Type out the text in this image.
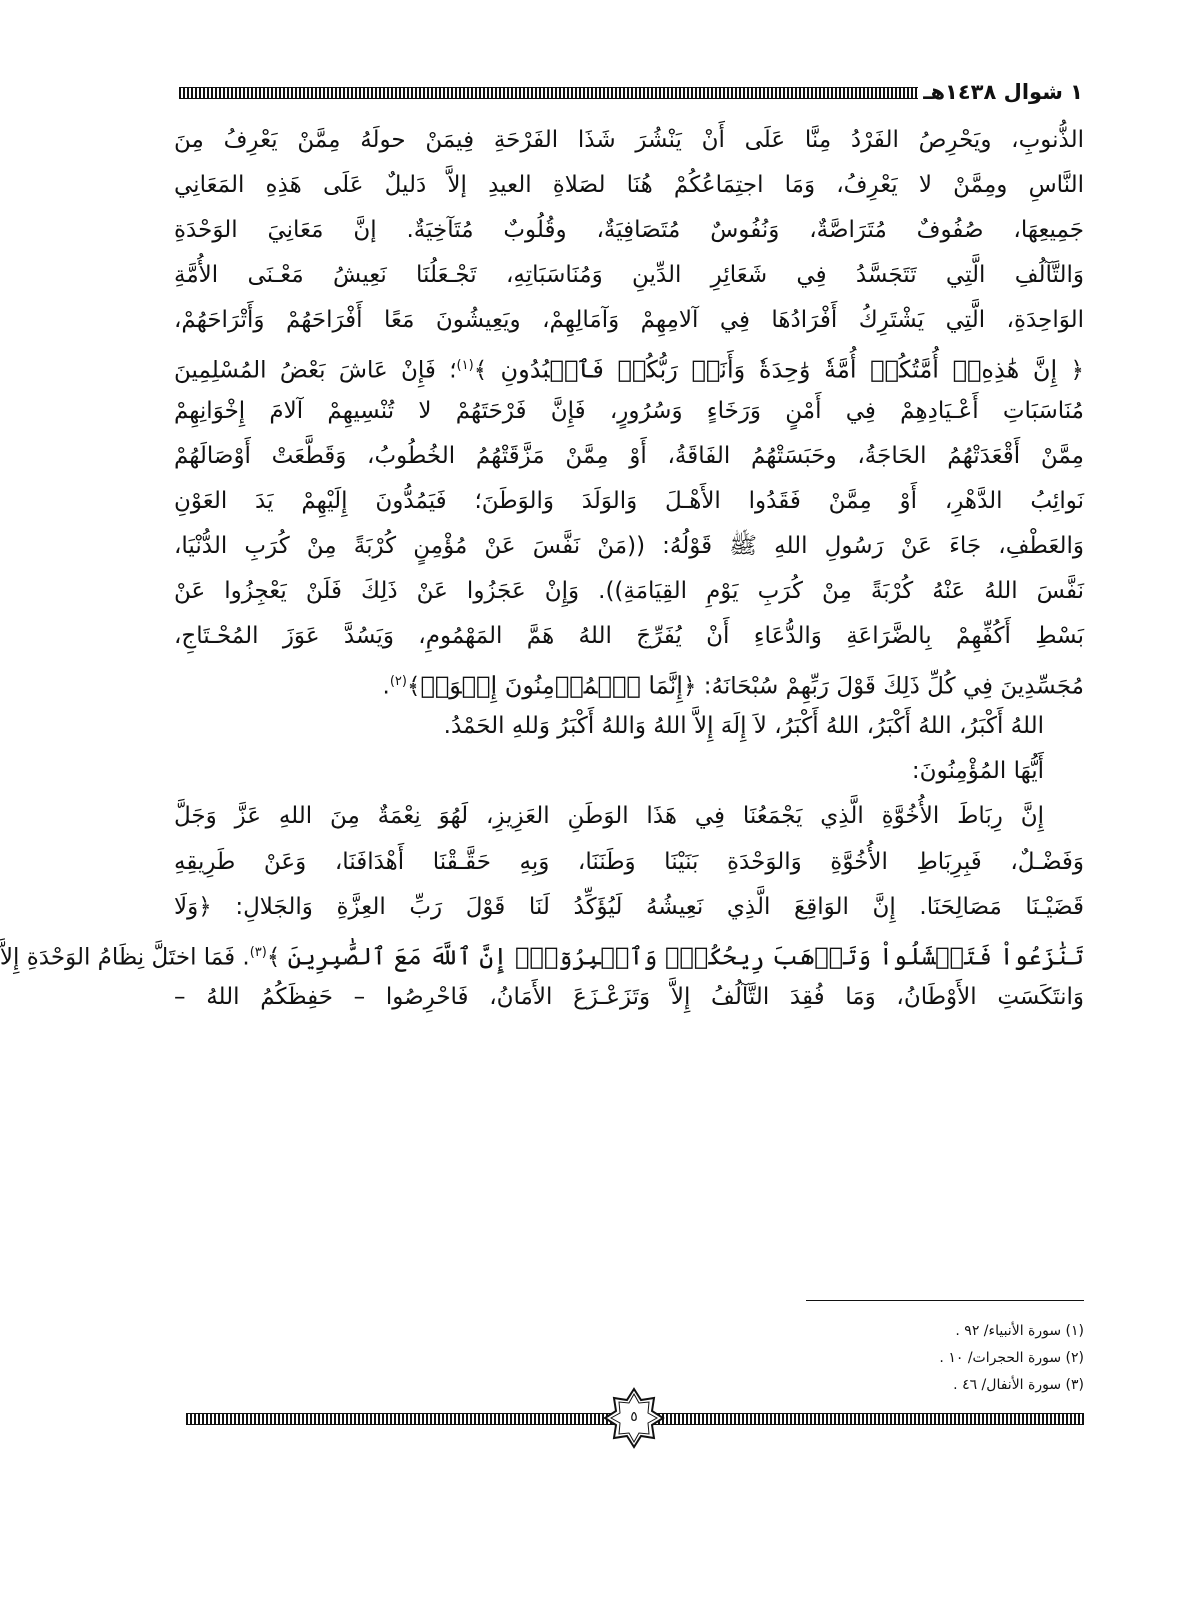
١ شوال ١٤٣٨هـ
الذُّنوبِ، ويَحْرِصُ الفَرْدُ مِنَّا عَلَى أَنْ يَنْشُرَ شَذَا الفَرْحَةِ فِيمَنْ حولَهُ مِمَّنْ يَعْرِفُ مِنَ
النَّاسِ ومِمَّنْ لا يَعْرِفُ، وَمَا اجتِمَاعُكُمْ هُنَا لصَلاةِ العيدِ إلاَّ دَليلٌ عَلَى هَذِهِ المَعَانِي
جَمِيعِهَا، صُفُوفٌ مُتَرَاصَّةٌ، وَنُفُوسٌ مُتَصَافِيَةٌ، وقُلُوبٌ مُتَآخِيَةٌ. إنَّ مَعَانِيَ الوَحْدَةِ
وَالتَّآلُفِ الَّتِي تَتَجَسَّدُ فِي شَعَائِرِ الدِّينِ وَمُنَاسَبَاتِهِ، تَجْـعَلُنَا نَعِيشُ مَعْـنَى الأُمَّةِ
الوَاحِدَةِ، الَّتِي يَشْتَرِكُ أَفْرَادُهَا فِي آلامِهِمْ وَآمَالِهِمْ، ويَعِيشُونَ مَعًا أَفْرَاحَهُمْ وَأَتْرَاحَهُمْ،
﴿ إِنَّ هَٰذِهِۦٓ أُمَّتُكُمۡ أُمَّةٗ وَٰحِدَةٗ وَأَنَا۠ رَبُّكُمۡ فَٱعۡبُدُونِ ﴾$^{(١)}$؛ فَإِنْ عَاشَ بَعْضُ المُسْلِمِينَ
مُنَاسَبَاتِ أَعْـيَادِهِمْ فِي أَمْنٍ وَرَخَاءٍ وَسُرُورٍ، فَإِنَّ فَرْحَتَهُمْ لا تُنْسِيهِمْ آلامَ إِخْوَانِهِمْ
مِمَّنْ أَقْعَدَتْهُمُ الحَاجَةُ، وحَبَسَتْهُمُ الفَاقَةُ، أَوْ مِمَّنْ مَزَّقَتْهُمُ الخُطُوبُ، وَقَطَّعَتْ أَوْصَالَهُمْ
نَوائِبُ الدَّهْرِ، أَوْ مِمَّنْ فَقَدُوا الأَهْـلَ وَالوَلَدَ وَالوَطَنَ؛ فَيَمُدُّونَ إِلَيْهِمْ يَدَ العَوْنِ
وَالعَطْفِ، جَاءَ عَنْ رَسُولِ اللهِ ﷺ قَوْلُهُ: ((مَنْ نَفَّسَ عَنْ مُؤْمِنٍ كُرْبَةً مِنْ كُرَبِ الدُّنْيَا،
نَفَّسَ اللهُ عَنْهُ كُرْبَةً مِنْ كُرَبِ يَوْمِ القِيَامَةِ)). وَإِنْ عَجَزُوا عَنْ ذَلِكَ فَلَنْ يَعْجِزُوا عَنْ
بَسْطِ أَكُفِّهِمْ بِالضَّرَاعَةِ وَالدُّعَاءِ أَنْ يُفَرِّجَ اللهُ هَمَّ المَهْمُومِ، وَيَسُدَّ عَوَزَ المُحْـتَاجِ،
مُجَسِّدِينَ فِي كُلِّ ذَلِكَ قَوْلَ رَبِّهِمْ سُبْحَانَهُ: ﴿إِنَّمَا ٱلۡمُؤۡمِنُونَ إِخۡوَةٞ﴾$^{(٢)}$.
اللهُ أَكْبَرُ، اللهُ أَكْبَرُ، اللهُ أَكْبَرُ، لاَ إِلَهَ إِلاَّ اللهُ وَاللهُ أَكْبَرُ وَللهِ الحَمْدُ.
أَيُّهَا المُؤْمِنُونَ:
إِنَّ رِبَاطَ الأُخُوَّةِ الَّذِي يَجْمَعُنَا فِي هَذَا الوَطَنِ العَزِيزِ، لَهُوَ نِعْمَةٌ مِنَ اللهِ عَزَّ وَجَلَّ
وَفَضْـلٌ، فَبِرِبَاطِ الأُخُوَّةِ وَالوَحْدَةِ بَنَيْنَا وَطَنَنَا، وَبِهِ حَقَّـقْنَا أَهْدَافَنَا، وَعَنْ طَرِيقِهِ
قَضَيْـنَا مَصَالِحَنَا. إِنَّ الوَاقِعَ الَّذِي نَعِيشُهُ لَيُؤَكِّدُ لَنَا قَوْلَ رَبِّ العِزَّةِ وَالجَلالِ: ﴿وَلَا
تَنَٰزَعُواْ فَتَفۡشَلُواْ وَتَذۡهَبَ رِيحُكُمۡۖ وَٱصۡبِرُوٓاْۚ إِنَّ ٱللَّهَ مَعَ ٱلصَّٰبِرِينَ ﴾$^{(٣)}$. فَمَا اختَلَّ نِظَامُ الوَحْدَةِ إِلاَّ
وَانتَكَسَتِ الأَوْطَانُ، وَمَا فُقِدَ التَّآلُفُ إِلاَّ وَتَزَعْـزَعَ الأَمَانُ، فَاحْرِصُوا – حَفِظَكُمُ اللهُ –
(١) سورة الأنبياء/ ٩٢ .
(٢) سورة الحجرات/ ١٠ .
(٣) سورة الأنفال/ ٤٦ .
٥
